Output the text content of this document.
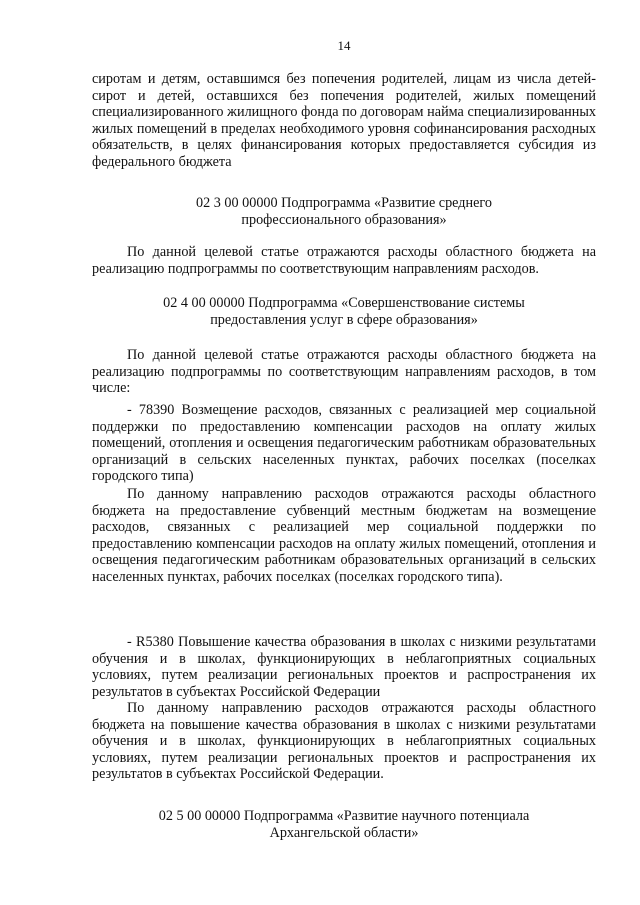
14

сиротам и детям, оставшимся без попечения родителей, лицам из числа детей-сирот и детей, оставшихся без попечения родителей, жилых помещений специализированного жилищного фонда по договорам найма специализированных жилых помещений в пределах необходимого уровня софинансирования расходных обязательств, в целях финансирования которых предоставляется субсидия из федерального бюджета

02 3 00 00000 Подпрограмма «Развитие среднего профессионального образования»

По данной целевой статье отражаются расходы областного бюджета на реализацию подпрограммы по соответствующим направлениям расходов.

02 4 00 00000 Подпрограмма «Совершенствование системы предоставления услуг в сфере образования»

По данной целевой статье отражаются расходы областного бюджета на реализацию подпрограммы по соответствующим направлениям расходов, в том числе:

- 78390 Возмещение расходов, связанных с реализацией мер социальной поддержки по предоставлению компенсации расходов на оплату жилых помещений, отопления и освещения педагогическим работникам образовательных организаций в сельских населенных пунктах, рабочих поселках (поселках городского типа)

По данному направлению расходов отражаются расходы областного бюджета на предоставление субвенций местным бюджетам на возмещение расходов, связанных с реализацией мер социальной поддержки по предоставлению компенсации расходов на оплату жилых помещений, отопления и освещения педагогическим работникам образовательных организаций в сельских населенных пунктах, рабочих поселках (поселках городского типа).

- R5380 Повышение качества образования в школах с низкими результатами обучения и в школах, функционирующих в неблагоприятных социальных условиях, путем реализации региональных проектов и распространения их результатов в субъектах Российской Федерации

По данному направлению расходов отражаются расходы областного бюджета на повышение качества образования в школах с низкими результатами обучения и в школах, функционирующих в неблагоприятных социальных условиях, путем реализации региональных проектов и распространения их результатов в субъектах Российской Федерации.

02 5 00 00000 Подпрограмма «Развитие научного потенциала Архангельской области»
